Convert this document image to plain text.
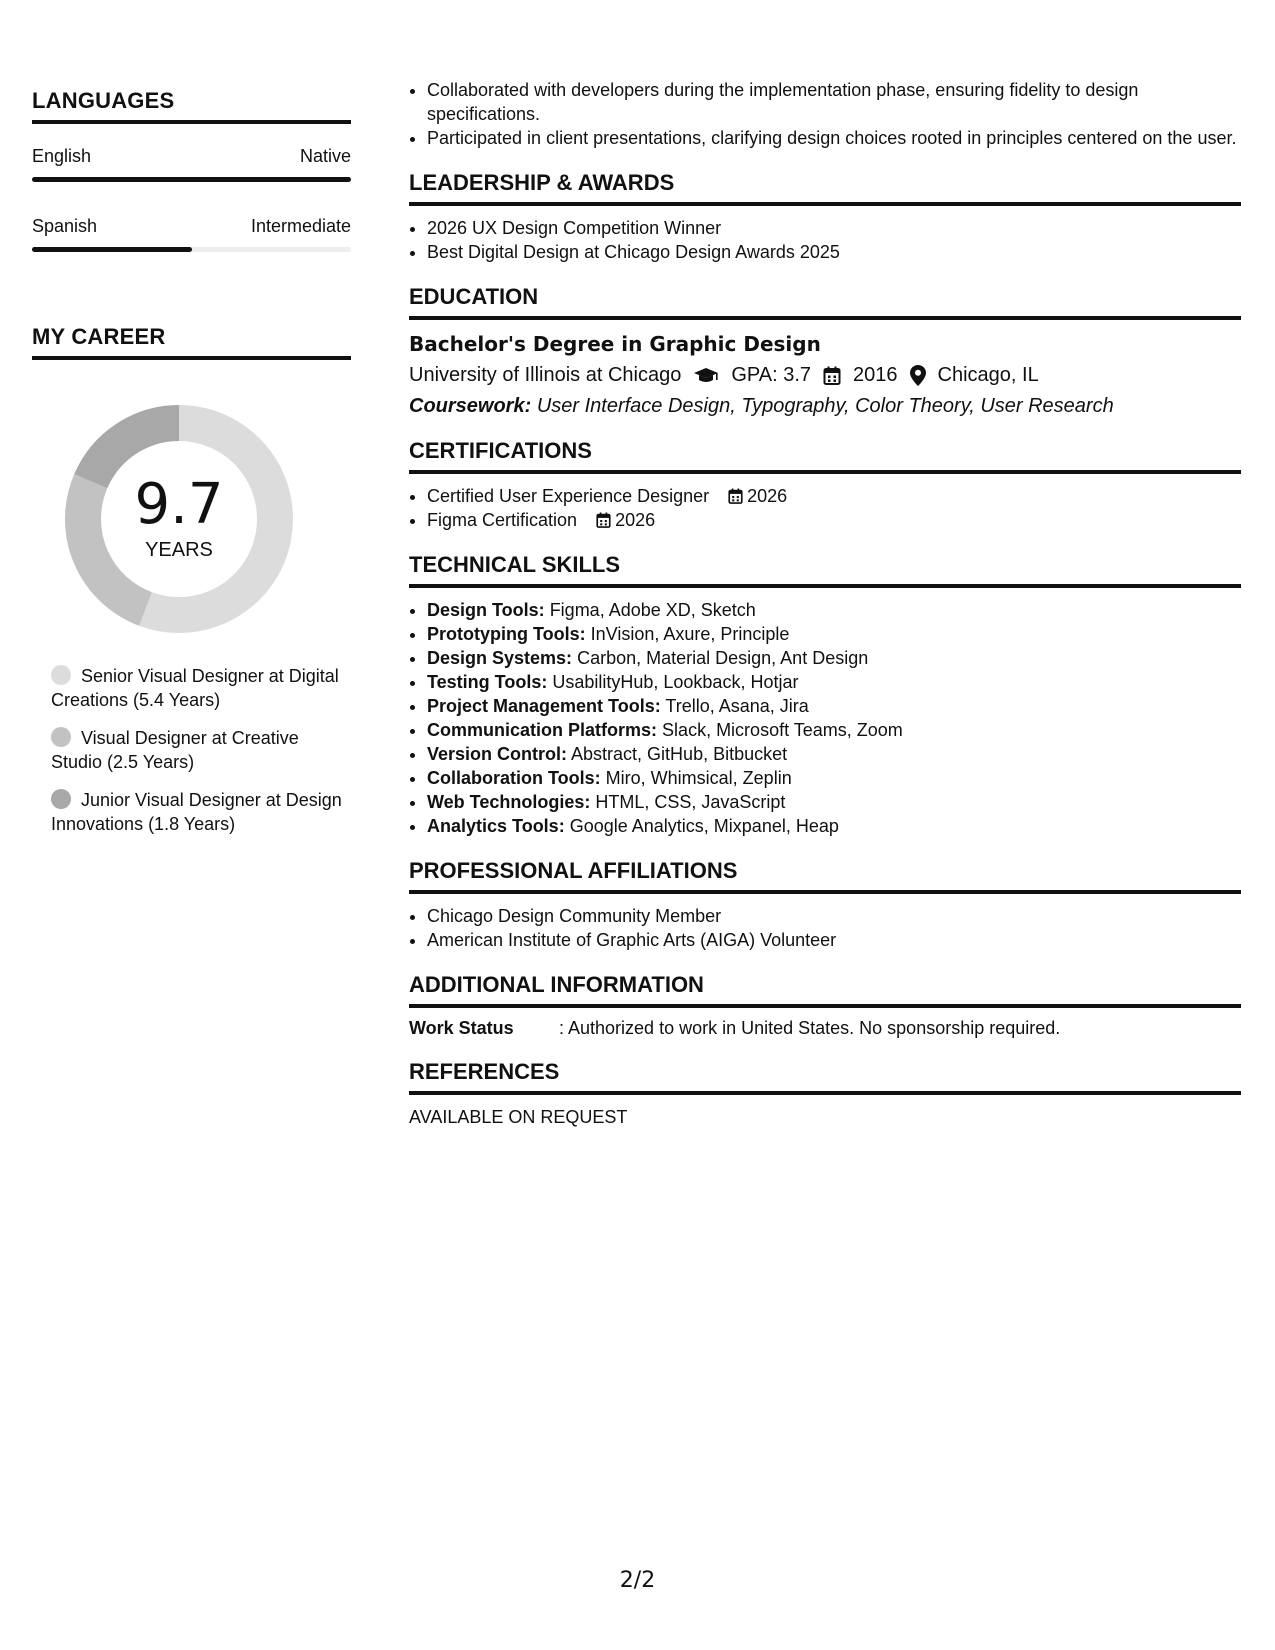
LANGUAGES
English	Native
Spanish	Intermediate
MY CAREER
9.7
YEARS
Senior Visual Designer at Digital Creations (5.4 Years)
Visual Designer at Creative Studio (2.5 Years)
Junior Visual Designer at Design Innovations (1.8 Years)
• Collaborated with developers during the implementation phase, ensuring fidelity to design specifications.
• Participated in client presentations, clarifying design choices rooted in principles centered on the user.
LEADERSHIP & AWARDS
• 2026 UX Design Competition Winner
• Best Digital Design at Chicago Design Awards 2025
EDUCATION
Bachelor's Degree in Graphic Design
University of Illinois at Chicago	GPA: 3.7 2016 Chicago, IL
Coursework: User Interface Design, Typography, Color Theory, User Research
CERTIFICATIONS
• Certified User Experience Designer 2026
• Figma Certification 2026
TECHNICAL SKILLS
• Design Tools: Figma, Adobe XD, Sketch
• Prototyping Tools: InVision, Axure, Principle
• Design Systems: Carbon, Material Design, Ant Design
• Testing Tools: UsabilityHub, Lookback, Hotjar
• Project Management Tools: Trello, Asana, Jira
• Communication Platforms: Slack, Microsoft Teams, Zoom
• Version Control: Abstract, GitHub, Bitbucket
• Collaboration Tools: Miro, Whimsical, Zeplin
• Web Technologies: HTML, CSS, JavaScript
• Analytics Tools: Google Analytics, Mixpanel, Heap
PROFESSIONAL AFFILIATIONS
• Chicago Design Community Member
• American Institute of Graphic Arts (AIGA) Volunteer
ADDITIONAL INFORMATION
Work Status	: Authorized to work in United States. No sponsorship required.
REFERENCES
AVAILABLE ON REQUEST
2/2
